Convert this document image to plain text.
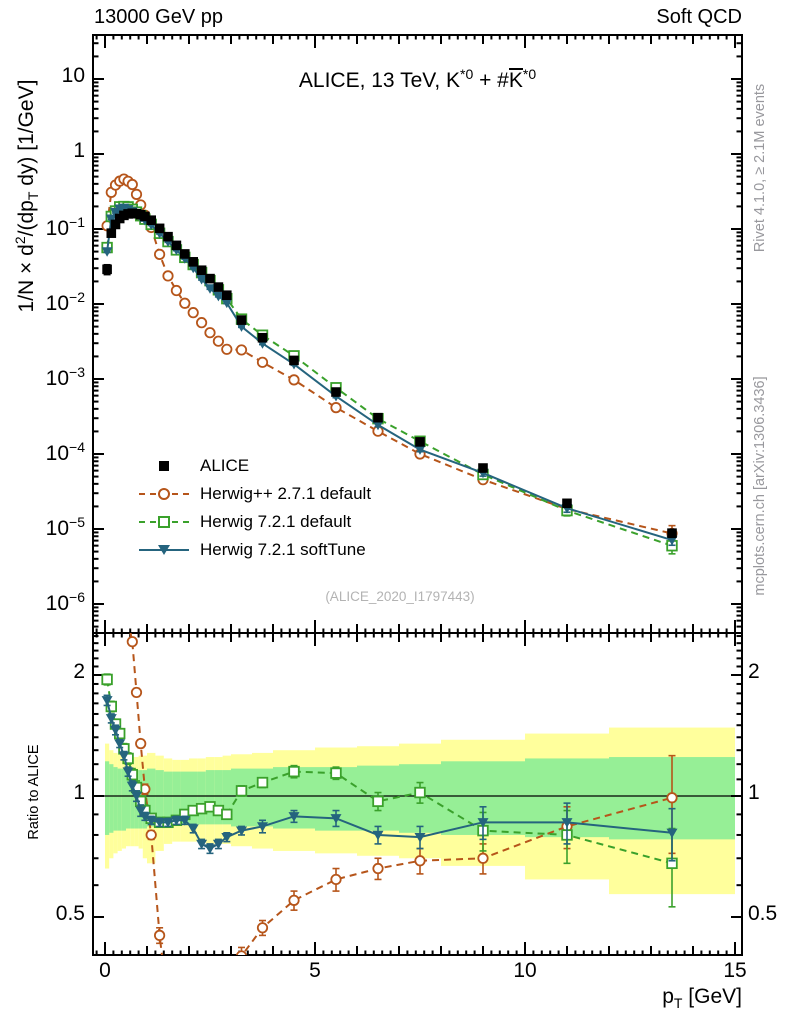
13000 GeV pp	Soft QCD
ALICE, 13 TeV, $K^{*0}$ + $\#K^{*0}$
$1/N \times d^2/(dp_T$ dy) [1/GeV]
Ratio to ALICE
Rivet 4.1.0, ≥ 2.1M events
mcplots.cern.ch [arXiv:1306.3436]
$p_T$ [GeV]
(ALICE_2020_I1797443)
ALICE
Herwig++ 2.7.1 default
Herwig 7.2.1 default
Herwig 7.2.1 softTune
10
1
$10^{-1}$
$10^{-2}$
$10^{-3}$
$10^{-4}$
$10^{-5}$
$10^{-6}$
2	2
1	1
0.5	0.5
0	5	10	15
